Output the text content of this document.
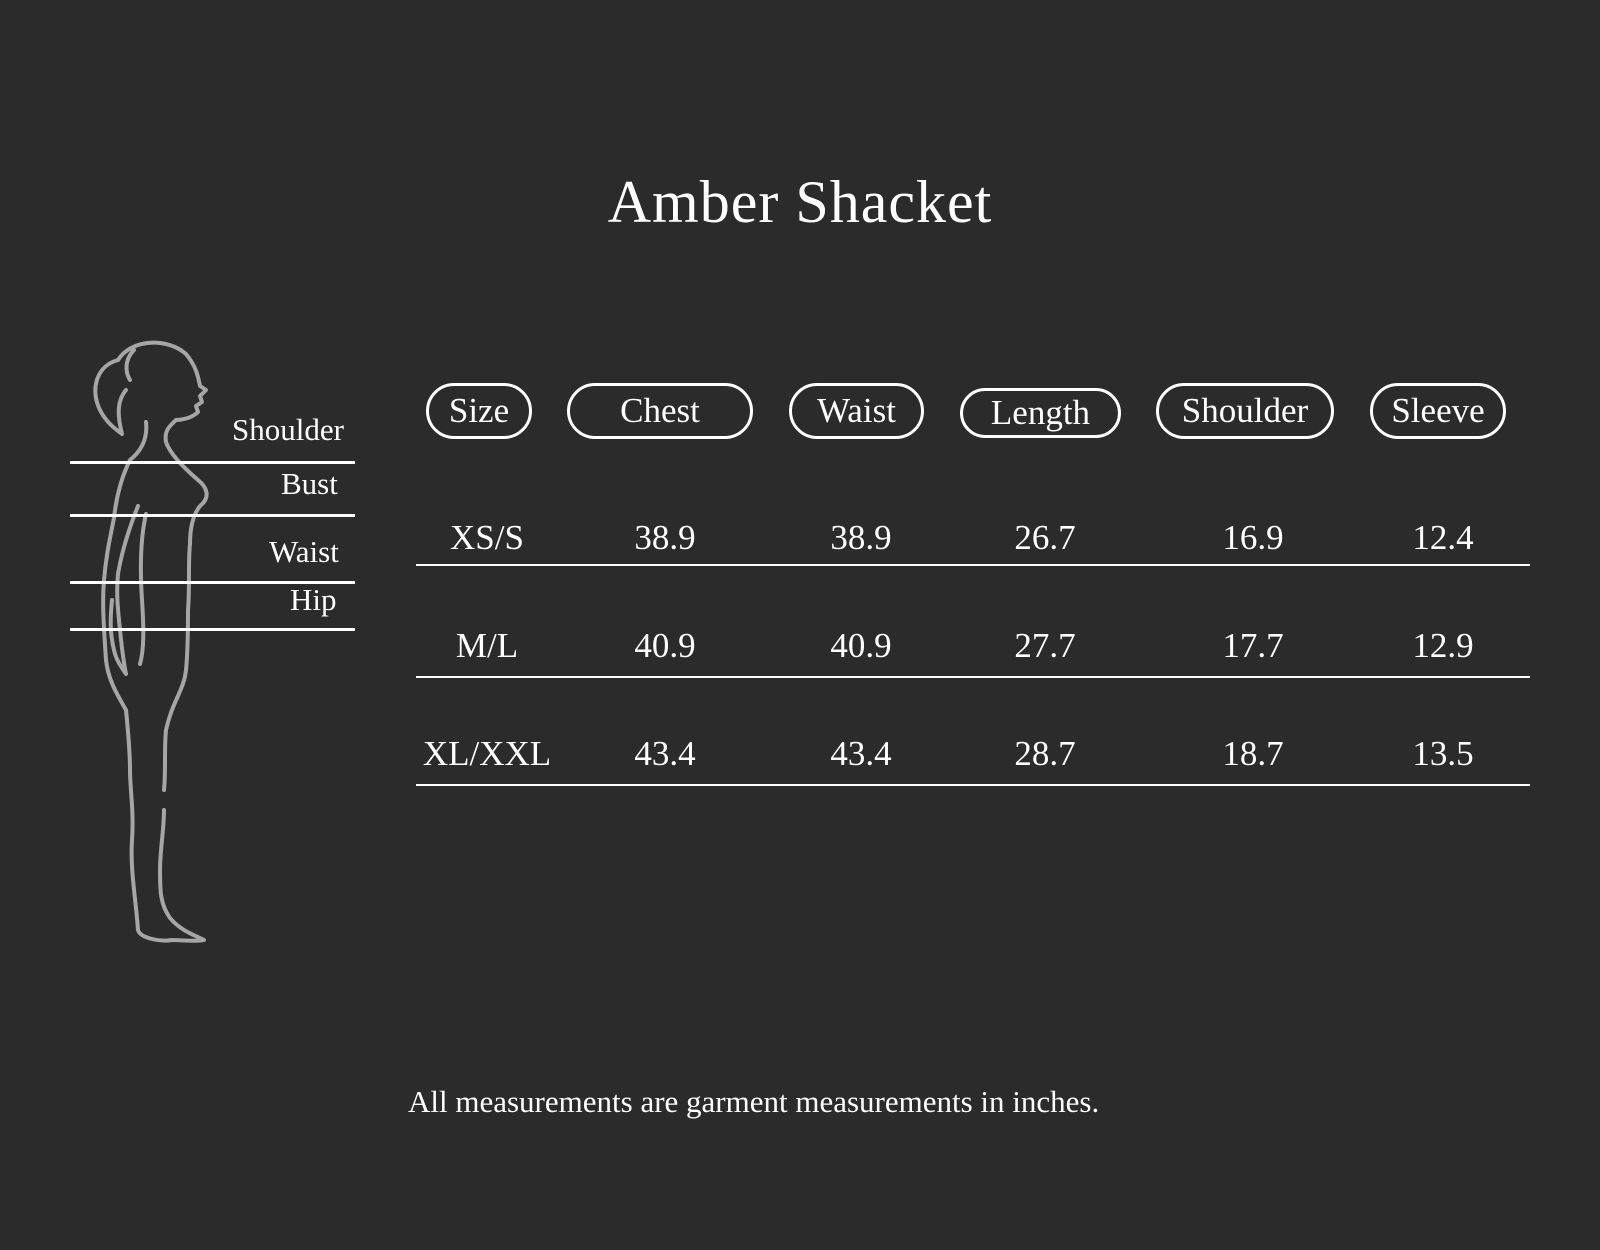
Amber Shacket
Shoulder
Bust
Waist
Hip
Size	Chest	Waist	Length	Shoulder	Sleeve
XS/S	38.9	38.9	26.7	16.9	12.4
M/L	40.9	40.9	27.7	17.7	12.9
XL/XXL	43.4	43.4	28.7	18.7	13.5
All measurements are garment measurements in inches.
